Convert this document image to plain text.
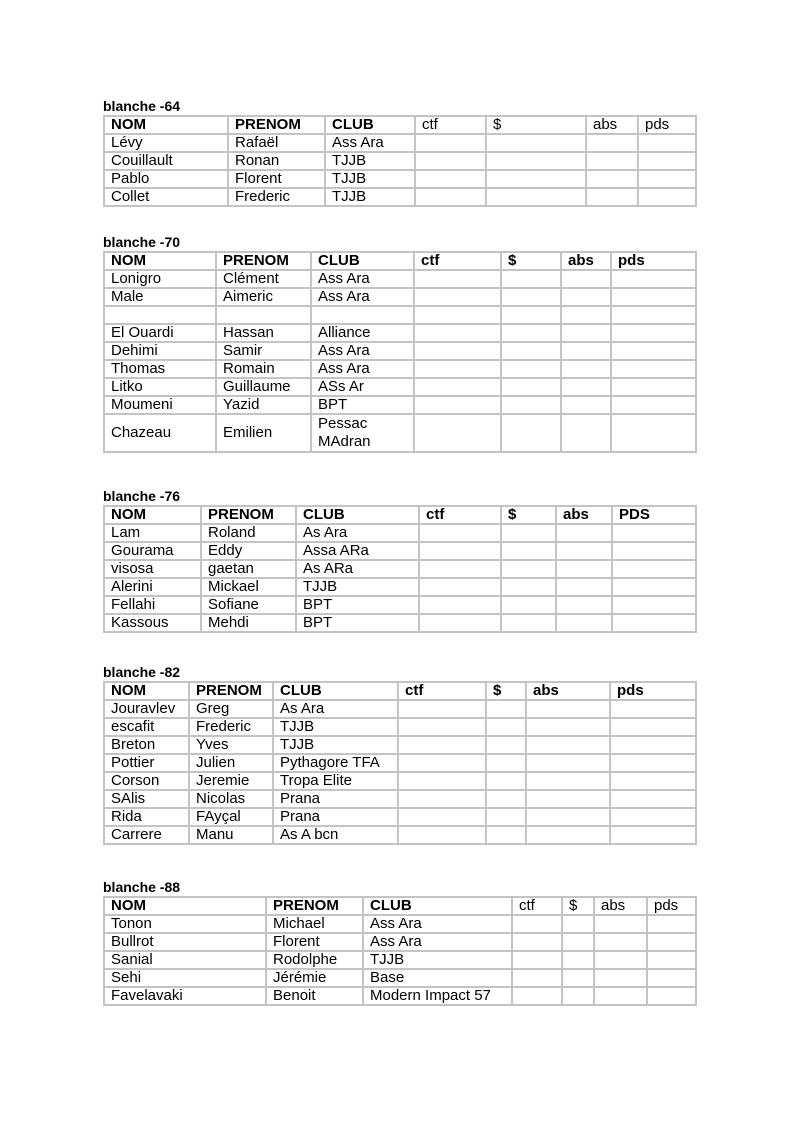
blanche -64
NOM	PRENOM	CLUB	ctf	$	abs	pds
Lévy	Rafaël	Ass Ara				
Couillault	Ronan	TJJB				
Pablo	Florent	TJJB				
Collet	Frederic	TJJB				
blanche -70
NOM	PRENOM	CLUB	ctf	$	abs	pds
Lonigro	Clément	Ass Ara				
Male	Aimeric	Ass Ara				

El Ouardi	Hassan	Alliance				
Dehimi	Samir	Ass Ara				
Thomas	Romain	Ass Ara				
Litko	Guillaume	ASs Ar				
Moumeni	Yazid	BPT				
Chazeau	Emilien	Pessac MAdran				
blanche -76
NOM	PRENOM	CLUB	ctf	$	abs	PDS
Lam	Roland	As Ara				
Gourama	Eddy	Assa ARa				
visosa	gaetan	As ARa				
Alerini	Mickael	TJJB				
Fellahi	Sofiane	BPT				
Kassous	Mehdi	BPT				
blanche -82
NOM	PRENOM	CLUB	ctf	$	abs	pds
Jouravlev	Greg	As Ara				
escafit	Frederic	TJJB				
Breton	Yves	TJJB				
Pottier	Julien	Pythagore TFA				
Corson	Jeremie	Tropa Elite				
SAlis	Nicolas	Prana				
Rida	FAyçal	Prana				
Carrere	Manu	As A bcn				
blanche -88
NOM	PRENOM	CLUB	ctf	$	abs	pds
Tonon	Michael	Ass Ara				
Bullrot	Florent	Ass Ara				
Sanial	Rodolphe	TJJB				
Sehi	Jérémie	Base				
Favelavaki	Benoit	Modern Impact 57				
